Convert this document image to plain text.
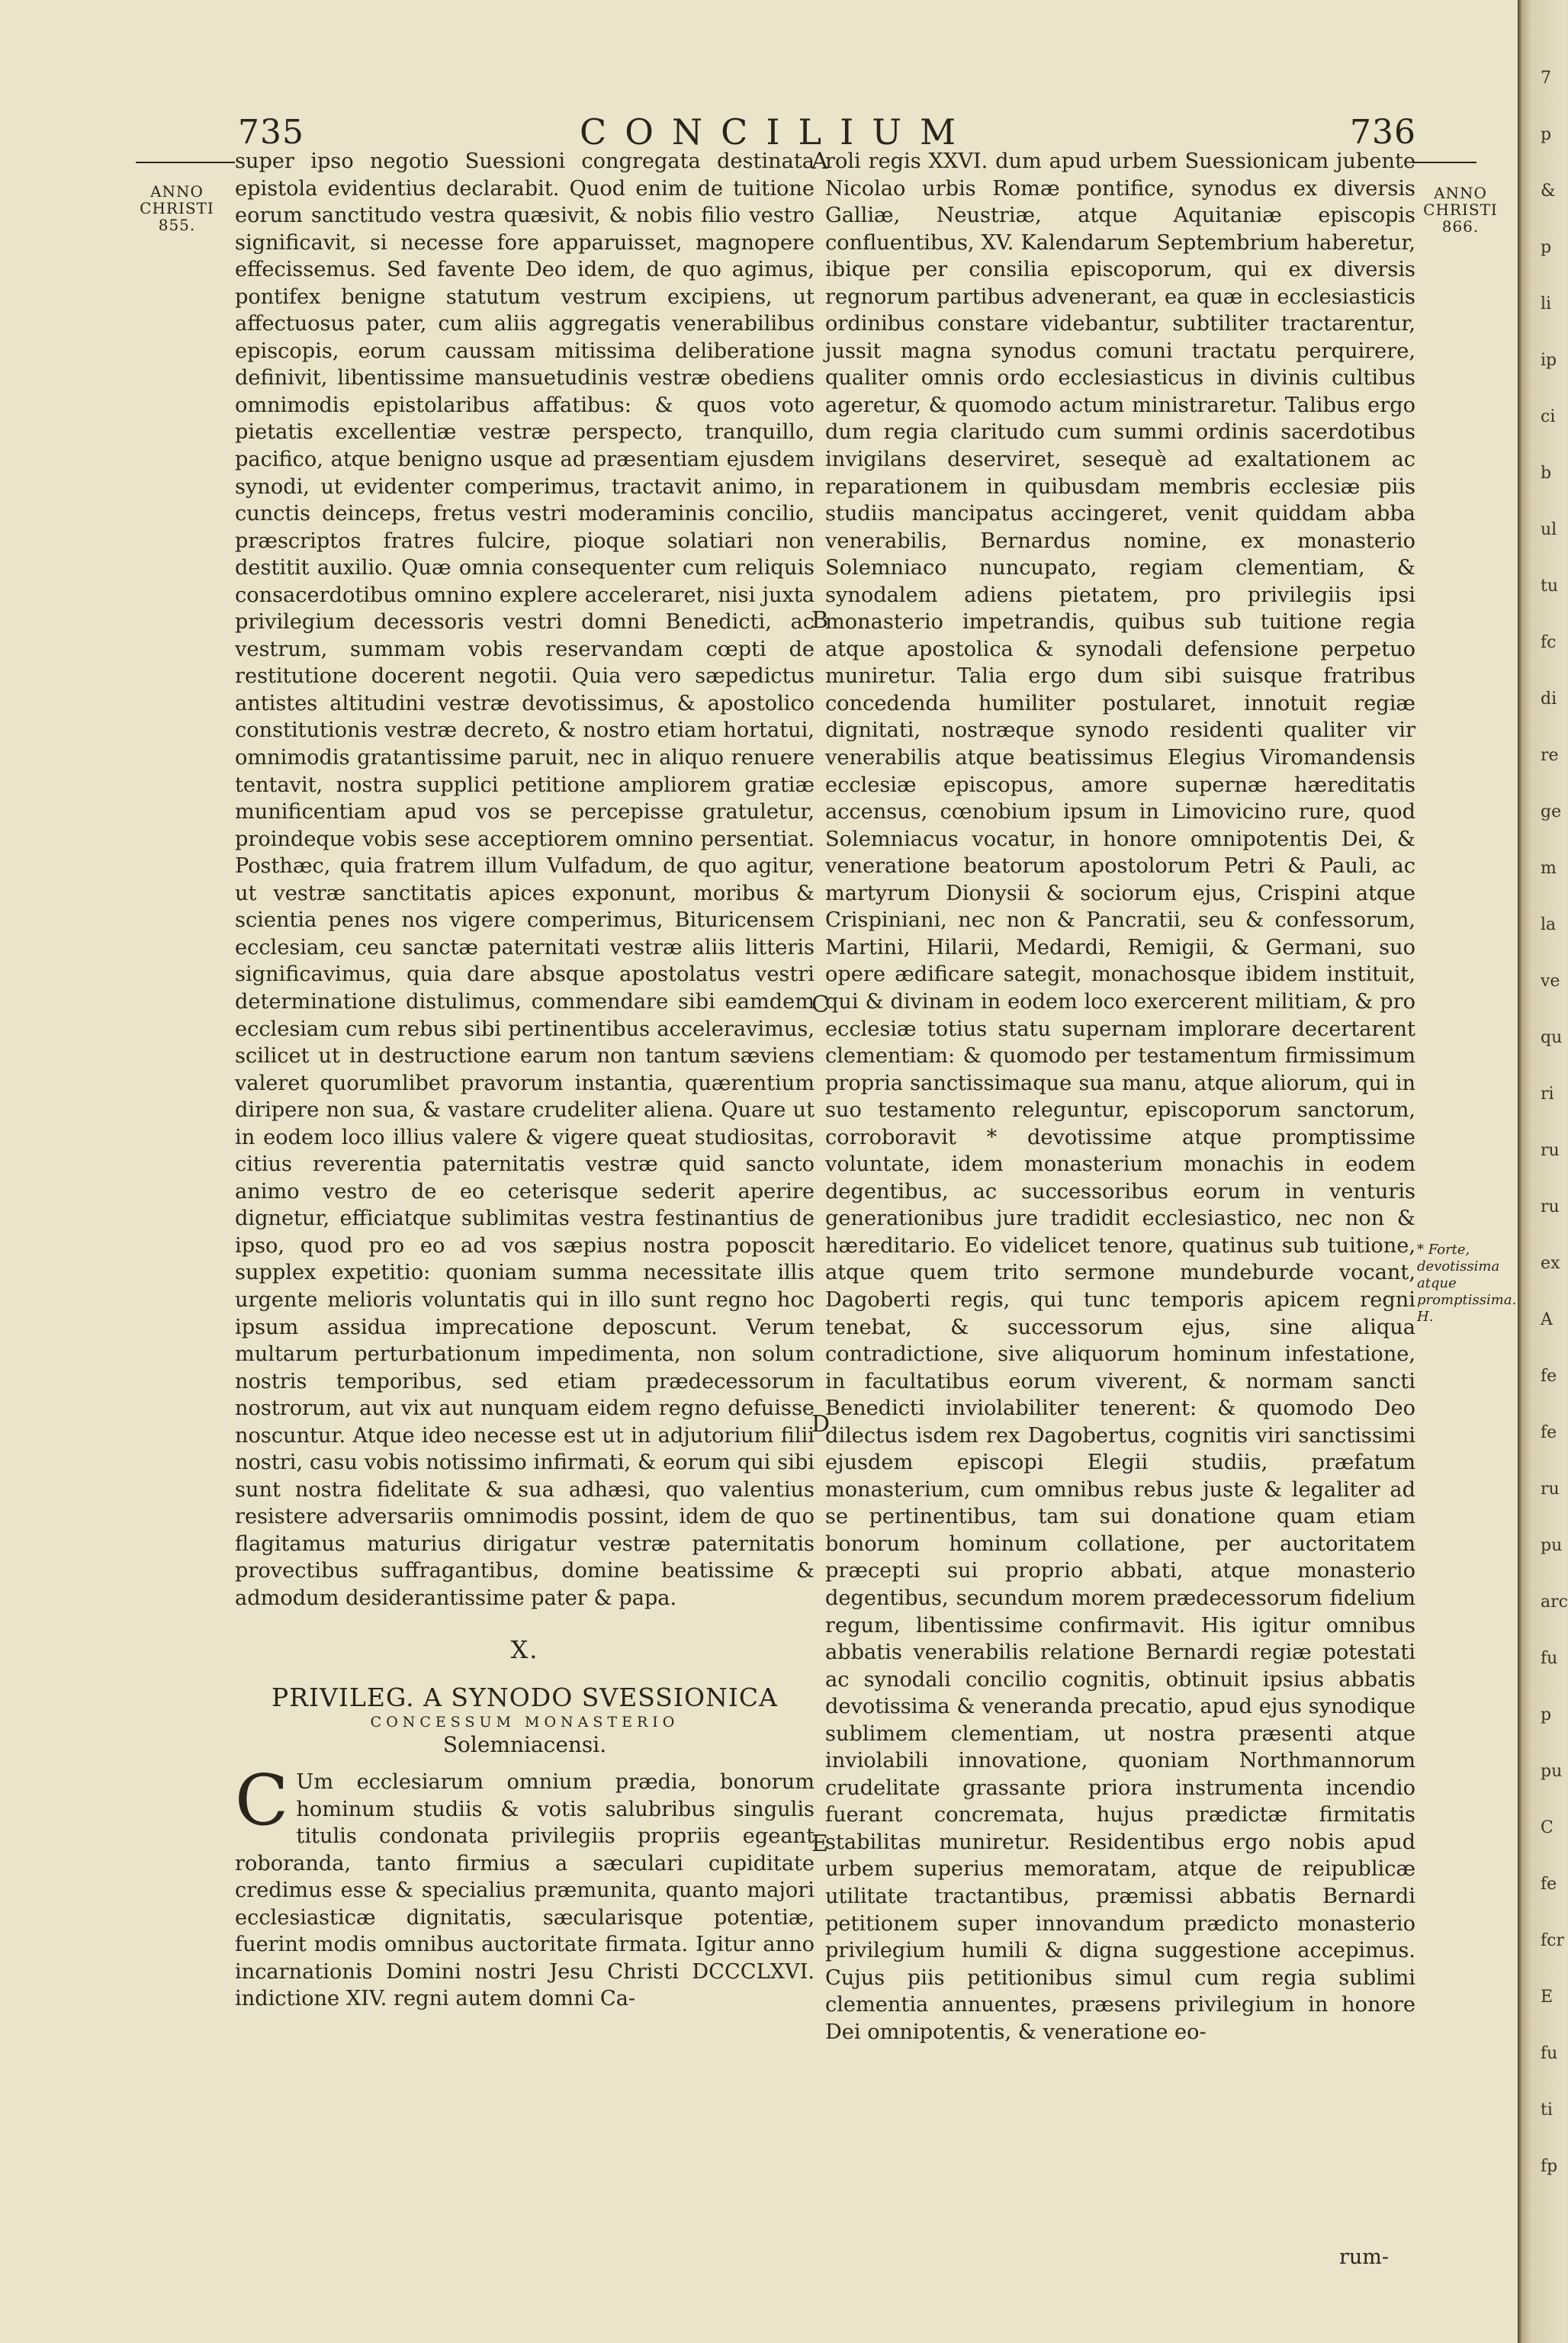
735	CONCILIUM	736
ANNO
CHRISTI
855.
ANNO
CHRISTI
866.

super ipso negotio Suessioni congregata destinata epistola evidentius declarabit. Quod enim de tuitione eorum sanctitudo vestra quæsivit, & nobis filio vestro significavit, si necesse fore apparuisset, magnopere effecissemus. Sed favente Deo idem, de quo agimus, pontifex benigne statutum vestrum excipiens, ut affectuosus pater, cum aliis aggregatis venerabilibus episcopis, eorum caussam mitissima deliberatione definivit, libentissime mansuetudinis vestræ obediens omnimodis epistolaribus affatibus: & quos voto pietatis excellentiæ vestræ perspecto, tranquillo, pacifico, atque benigno usque ad præsentiam ejusdem synodi, ut evidenter comperimus, tractavit animo, in cunctis deinceps, fretus vestri moderaminis concilio, præscriptos fratres fulcire, pioque solatiari non destitit auxilio. Quæ omnia consequenter cum reliquis consacerdotibus omnino explere acceleraret, nisi juxta privilegium decessoris vestri domni Benedicti, ac vestrum, summam vobis reservandam cœpti de restitutione docerent negotii. Quia vero sæpedictus antistes altitudini vestræ devotissimus, & apostolico constitutionis vestræ decreto, & nostro etiam hortatui, omnimodis gratantissime paruit, nec in aliquo renuere tentavit, nostra supplici petitione ampliorem gratiæ munificentiam apud vos se percepisse gratuletur, proindeque vobis sese acceptiorem omnino persentiat. Posthæc, quia fratrem illum Vulfadum, de quo agitur, ut vestræ sanctitatis apices exponunt, moribus & scientia penes nos vigere comperimus, Bituricensem ecclesiam, ceu sanctæ paternitati vestræ aliis litteris significavimus, quia dare absque apostolatus vestri determinatione distulimus, commendare sibi eamdem ecclesiam cum rebus sibi pertinentibus acceleravimus, scilicet ut in destructione earum non tantum sæviens valeret quorumlibet pravorum instantia, quærentium diripere non sua, & vastare crudeliter aliena. Quare ut in eodem loco illius valere & vigere queat studiositas, citius reverentia paternitatis vestræ quid sancto animo vestro de eo ceterisque sederit aperire dignetur, efficiatque sublimitas vestra festinantius de ipso, quod pro eo ad vos sæpius nostra poposcit supplex expetitio: quoniam summa necessitate illis urgente melioris voluntatis qui in illo sunt regno hoc ipsum assidua imprecatione deposcunt. Verum multarum perturbationum impedimenta, non solum nostris temporibus, sed etiam prædecessorum nostrorum, aut vix aut nunquam eidem regno defuisse noscuntur. Atque ideo necesse est ut in adjutorium filii nostri, casu vobis notissimo infirmati, & eorum qui sibi sunt nostra fidelitate & sua adhæsi, quo valentius resistere adversariis omnimodis possint, idem de quo flagitamus maturius dirigatur vestræ paternitatis provectibus suffragantibus, domine beatissime & admodum desiderantissime pater & papa.

X.
PRIVILEG. A SYNODO SVESSIONICA
CONCESSUM MONASTERIO
Solemniacensi.

C Um ecclesiarum omnium prædia, bonorum hominum studiis & votis salubribus singulis titulis condonata privilegiis propriis egeant roboranda, tanto firmius a sæculari cupiditate credimus esse & specialius præmunita, quanto majori ecclesiasticæ dignitatis, sæcularisque potentiæ, fuerint modis omnibus auctoritate firmata. Igitur anno incarnationis Domini nostri Jesu Christi DCCCLXVI. indictione XIV. regni autem domni Ca-

roli regis XXVI. dum apud urbem Suessionicam jubente Nicolao urbis Romæ pontifice, synodus ex diversis Galliæ, Neustriæ, atque Aquitaniæ episcopis confluentibus, XV. Kalendarum Septembrium haberetur, ibique per consilia episcoporum, qui ex diversis regnorum partibus advenerant, ea quæ in ecclesiasticis ordinibus constare videbantur, subtiliter tractarentur, jussit magna synodus comuni tractatu perquirere, qualiter omnis ordo ecclesiasticus in divinis cultibus ageretur, & quomodo actum ministraretur. Talibus ergo dum regia claritudo cum summi ordinis sacerdotibus invigilans deserviret, sesequè ad exaltationem ac reparationem in quibusdam membris ecclesiæ piis studiis mancipatus accingeret, venit quiddam abba venerabilis, Bernardus nomine, ex monasterio Solemniaco nuncupato, regiam clementiam, & synodalem adiens pietatem, pro privilegiis ipsi monasterio impetrandis, quibus sub tuitione regia atque apostolica & synodali defensione perpetuo muniretur. Talia ergo dum sibi suisque fratribus concedenda humiliter postularet, innotuit regiæ dignitati, nostræque synodo residenti qualiter vir venerabilis atque beatissimus Elegius Viromandensis ecclesiæ episcopus, amore supernæ hæreditatis accensus, cœnobium ipsum in Limovicino rure, quod Solemniacus vocatur, in honore omnipotentis Dei, & veneratione beatorum apostolorum Petri & Pauli, ac martyrum Dionysii & sociorum ejus, Crispini atque Crispiniani, nec non & Pancratii, seu & confessorum, Martini, Hilarii, Medardi, Remigii, & Germani, suo opere ædificare sategit, monachosque ibidem instituit, qui & divinam in eodem loco exercerent militiam, & pro ecclesiæ totius statu supernam implorare decertarent clementiam: & quomodo per testamentum firmissimum propria sanctissimaque sua manu, atque aliorum, qui in suo testamento releguntur, episcoporum sanctorum, corroboravit * devotissime atque promptissime voluntate, idem monasterium monachis in eodem degentibus, ac successoribus eorum in venturis generationibus jure tradidit ecclesiastico, nec non & hæreditario. Eo videlicet tenore, quatinus sub tuitione, atque quem trito sermone mundeburde vocant, Dagoberti regis, qui tunc temporis apicem regni tenebat, & successorum ejus, sine aliqua contradictione, sive aliquorum hominum infestatione, in facultatibus eorum viverent, & normam sancti Benedicti inviolabiliter tenerent: & quomodo Deo dilectus isdem rex Dagobertus, cognitis viri sanctissimi ejusdem episcopi Elegii studiis, præfatum monasterium, cum omnibus rebus juste & legaliter ad se pertinentibus, tam sui donatione quam etiam bonorum hominum collatione, per auctoritatem præcepti sui proprio abbati, atque monasterio degentibus, secundum morem prædecessorum fidelium regum, libentissime confirmavit. His igitur omnibus abbatis venerabilis relatione Bernardi regiæ potestati ac synodali concilio cognitis, obtinuit ipsius abbatis devotissima & veneranda precatio, apud ejus synodique sublimem clementiam, ut nostra præsenti atque inviolabili innovatione, quoniam Northmannorum crudelitate grassante priora instrumenta incendio fuerant concremata, hujus prædictæ firmitatis stabilitas muniretur. Residentibus ergo nobis apud urbem superius memoratam, atque de reipublicæ utilitate tractantibus, præmissi abbatis Bernardi petitionem super innovandum prædicto monasterio privilegium humili & digna suggestione accepimus. Cujus piis petitionibus simul cum regia sublimi clementia annuentes, præsens privilegium in honore Dei omnipotentis, & veneratione eo-

A
B
C
D
E
* Forte, devotissima atque promptissima. H.
rum-
7
p
&
p
li
ip
ci
b
ul
tu
fc
di
re
ge
m
la
ve
qu
ri
ru
ru
ex
A
fe
fe
ru
pu
arc
fu
p
pu
C
fe
fcr
E
fu
ti
fp
